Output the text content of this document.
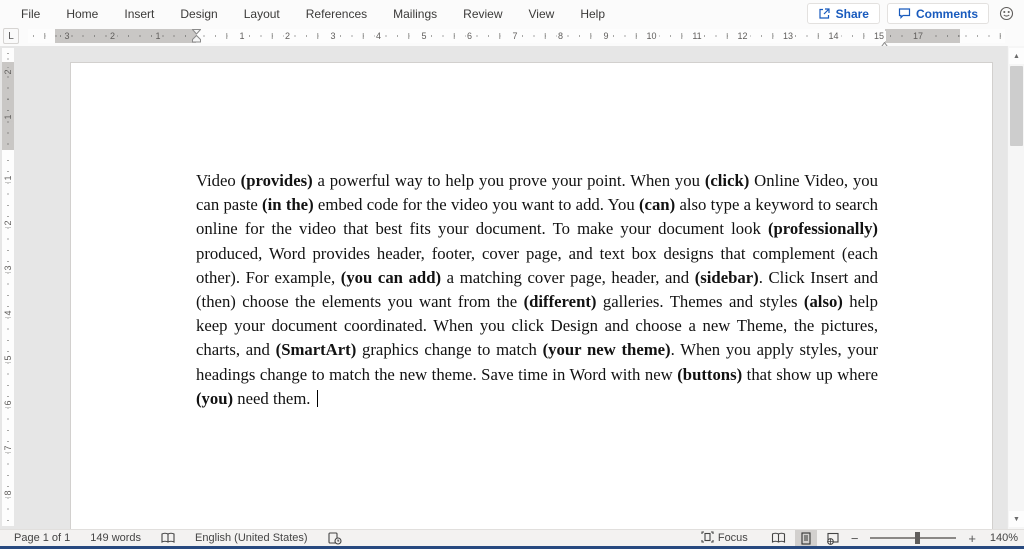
File	Home	Insert	Design	Layout	References	Mailings	Review	View	Help	Share	Comments
L	3	2	1	17
1	2	3	4	5	6	7	8	9	10	11	12	13	14	15
Video (provides) a powerful way to help you prove your point. When you (click) Online Video, you can paste (in the) embed code for the video you want to add. You (can) also type a keyword to search online for the video that best fits your document. To make your document look (professionally) produced, Word provides header, footer, cover page, and text box designs that complement (each other). For example, (you can add) a matching cover page, header, and (sidebar). Click Insert and (then) choose the elements you want from the (different) galleries. Themes and styles (also) help keep your document coordinated. When you click Design and choose a new Theme, the pictures, charts, and (SmartArt) graphics change to match (your new theme). When you apply styles, your headings change to match the new theme. Save time in Word with new (buttons) that show up where (you) need them.
2
1
1
2
3
4
5
6
7
8
▲
▼
Page 1 of 1	149 words	English (United States)	Focus	−	+	140%
